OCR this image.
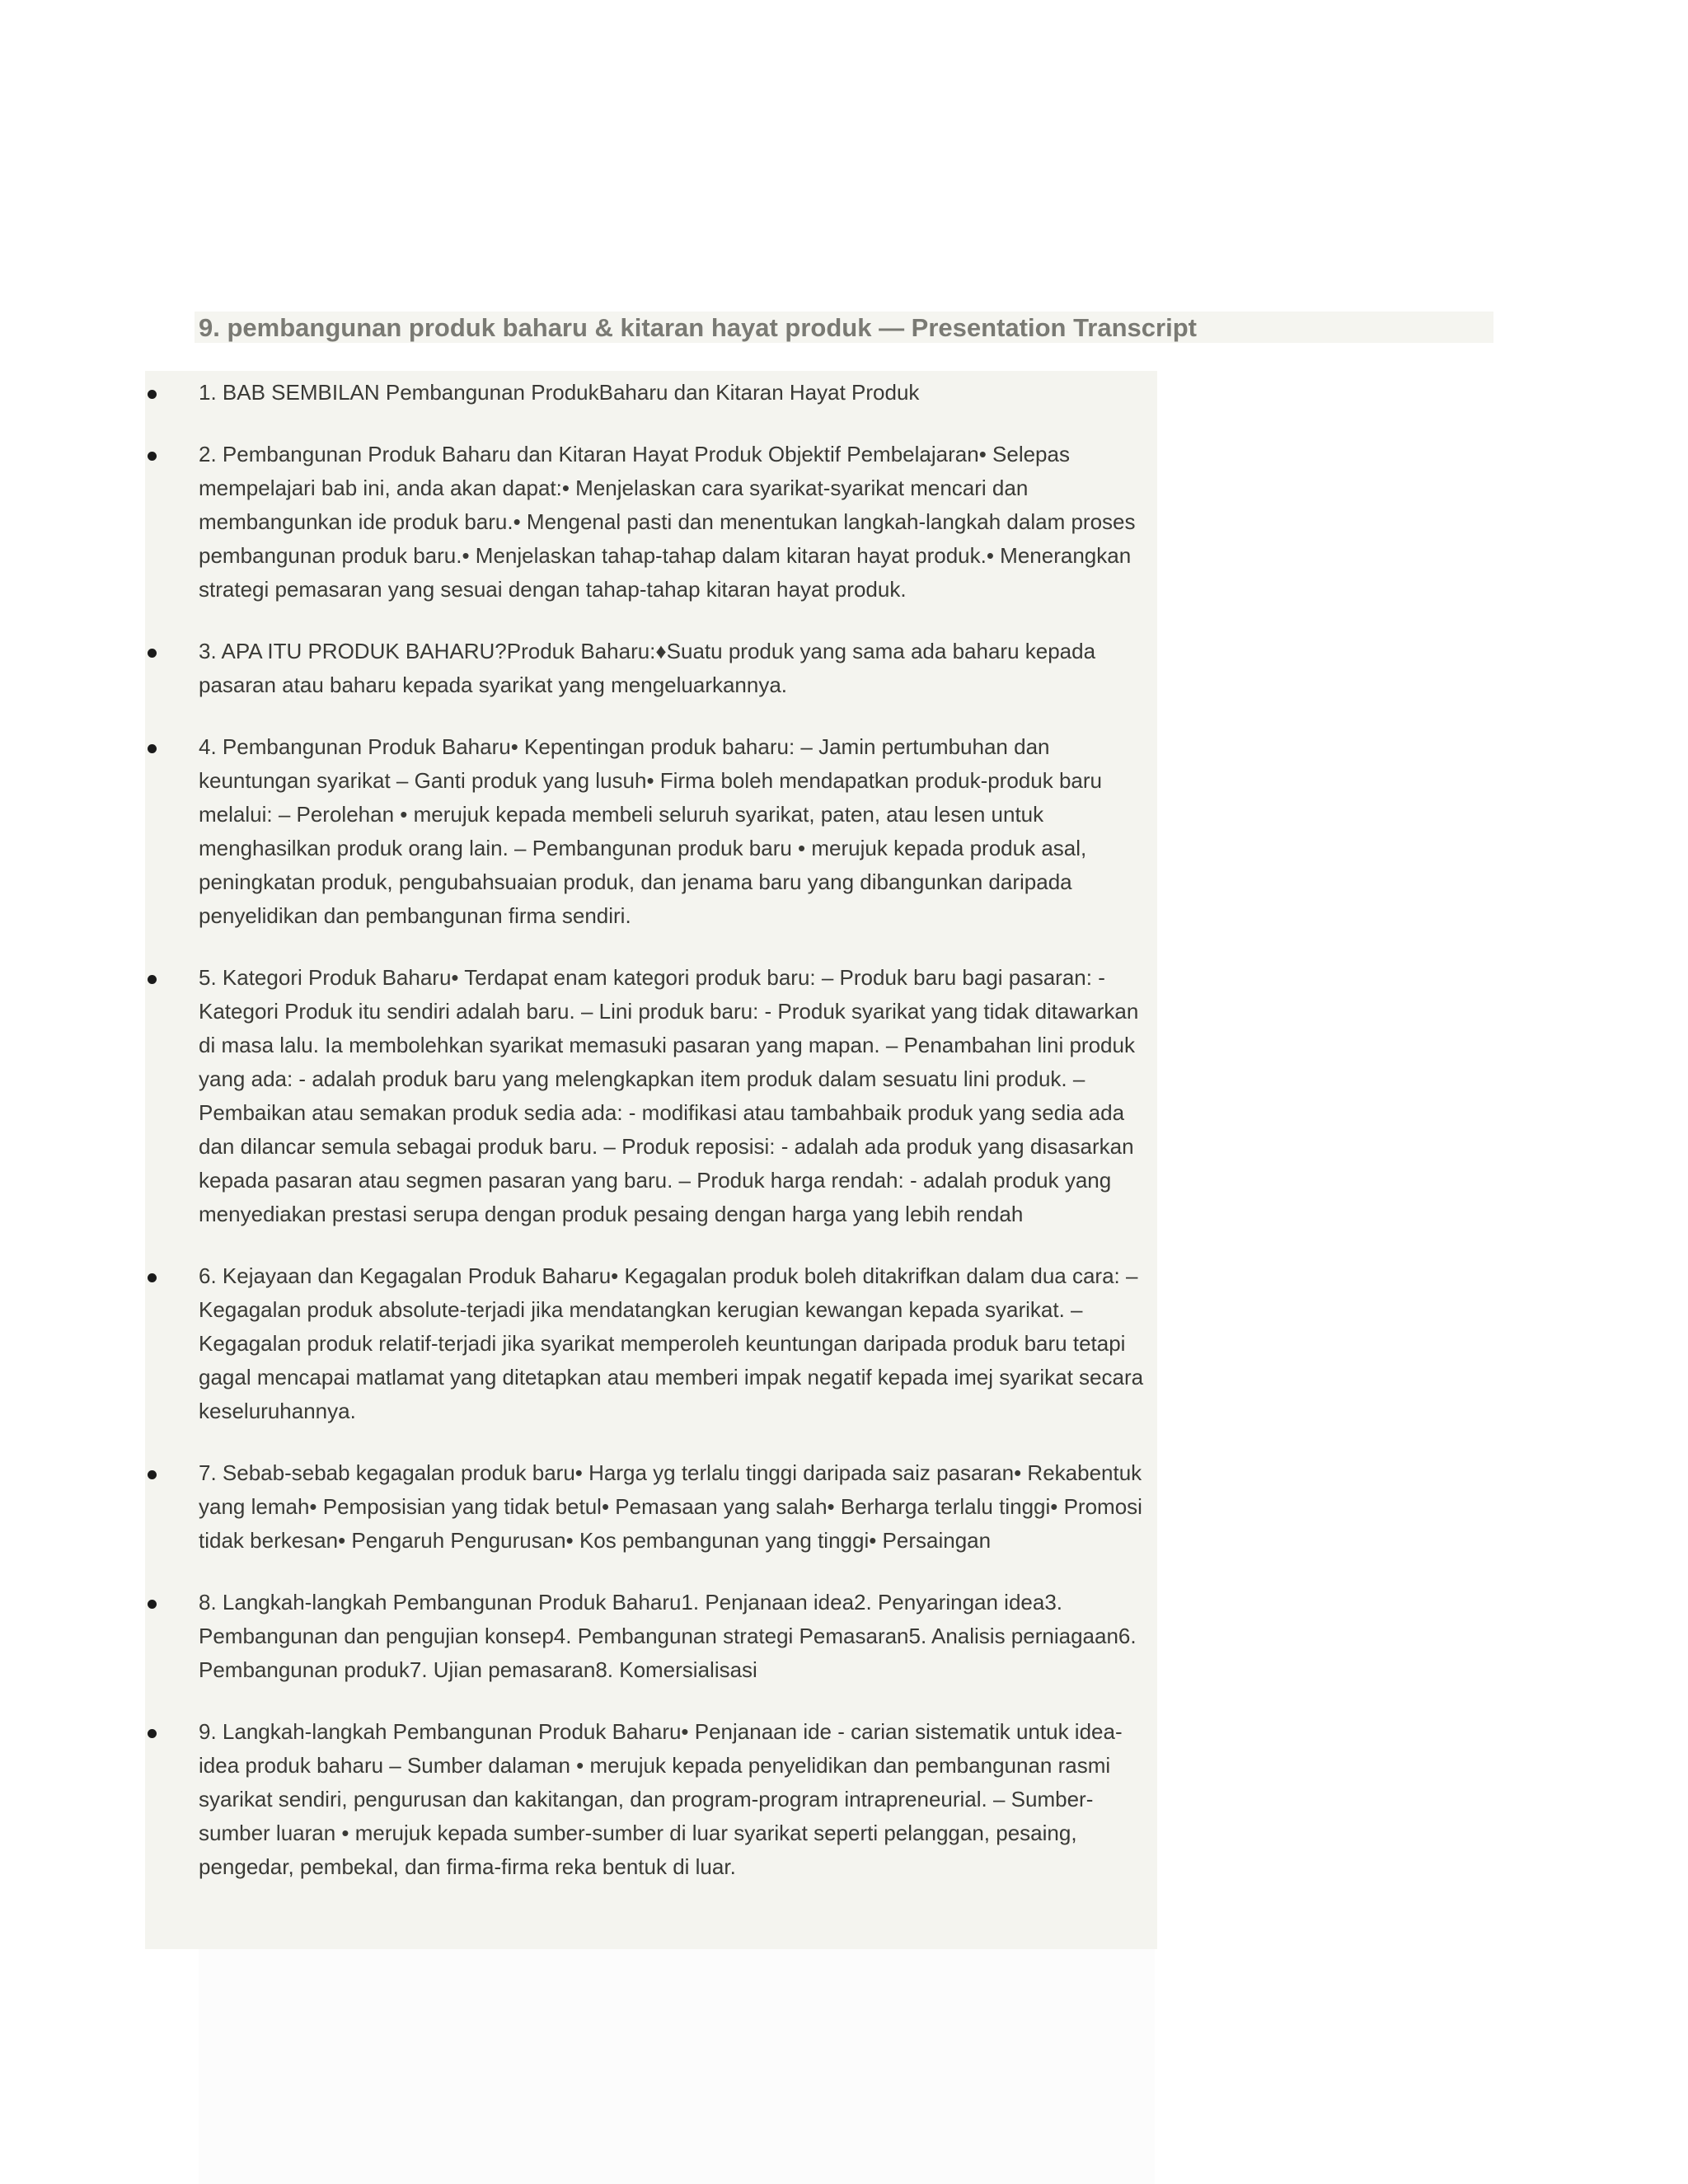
9. pembangunan produk baharu & kitaran hayat produk — Presentation Transcript
1. BAB SEMBILAN Pembangunan ProdukBaharu dan Kitaran Hayat Produk
2. Pembangunan Produk Baharu dan Kitaran Hayat Produk Objektif Pembelajaran• Selepas mempelajari bab ini, anda akan dapat:• Menjelaskan cara syarikat-syarikat mencari dan membangunkan ide produk baru.• Mengenal pasti dan menentukan langkah-langkah dalam proses pembangunan produk baru.• Menjelaskan tahap-tahap dalam kitaran hayat produk.• Menerangkan strategi pemasaran yang sesuai dengan tahap-tahap kitaran hayat produk.
3. APA ITU PRODUK BAHARU?Produk Baharu:♦Suatu produk yang sama ada baharu kepada pasaran atau baharu kepada syarikat yang mengeluarkannya.
4. Pembangunan Produk Baharu• Kepentingan produk baharu: – Jamin pertumbuhan dan keuntungan syarikat – Ganti produk yang lusuh• Firma boleh mendapatkan produk-produk baru melalui: – Perolehan • merujuk kepada membeli seluruh syarikat, paten, atau lesen untuk menghasilkan produk orang lain. – Pembangunan produk baru • merujuk kepada produk asal, peningkatan produk, pengubahsuaian produk, dan jenama baru yang dibangunkan daripada penyelidikan dan pembangunan firma sendiri.
5. Kategori Produk Baharu• Terdapat enam kategori produk baru: – Produk baru bagi pasaran: - Kategori Produk itu sendiri adalah baru. – Lini produk baru: - Produk syarikat yang tidak ditawarkan di masa lalu. Ia membolehkan syarikat memasuki pasaran yang mapan. – Penambahan lini produk yang ada: - adalah produk baru yang melengkapkan item produk dalam sesuatu lini produk. – Pembaikan atau semakan produk sedia ada: - modifikasi atau tambahbaik produk yang sedia ada dan dilancar semula sebagai produk baru. – Produk reposisi: - adalah ada produk yang disasarkan kepada pasaran atau segmen pasaran yang baru. – Produk harga rendah: - adalah produk yang menyediakan prestasi serupa dengan produk pesaing dengan harga yang lebih rendah
6. Kejayaan dan Kegagalan Produk Baharu• Kegagalan produk boleh ditakrifkan dalam dua cara: – Kegagalan produk absolute-terjadi jika mendatangkan kerugian kewangan kepada syarikat. – Kegagalan produk relatif-terjadi jika syarikat memperoleh keuntungan daripada produk baru tetapi gagal mencapai matlamat yang ditetapkan atau memberi impak negatif kepada imej syarikat secara keseluruhannya.
7. Sebab-sebab kegagalan produk baru• Harga yg terlalu tinggi daripada saiz pasaran• Rekabentuk yang lemah• Pemposisian yang tidak betul• Pemasaan yang salah• Berharga terlalu tinggi• Promosi tidak berkesan• Pengaruh Pengurusan• Kos pembangunan yang tinggi• Persaingan
8. Langkah-langkah Pembangunan Produk Baharu1. Penjanaan idea2. Penyaringan idea3. Pembangunan dan pengujian konsep4. Pembangunan strategi Pemasaran5. Analisis perniagaan6. Pembangunan produk7. Ujian pemasaran8. Komersialisasi
9. Langkah-langkah Pembangunan Produk Baharu• Penjanaan ide - carian sistematik untuk idea-idea produk baharu – Sumber dalaman • merujuk kepada penyelidikan dan pembangunan rasmi syarikat sendiri, pengurusan dan kakitangan, dan program-program intrapreneurial. – Sumber-sumber luaran • merujuk kepada sumber-sumber di luar syarikat seperti pelanggan, pesaing, pengedar, pembekal, dan firma-firma reka bentuk di luar.
